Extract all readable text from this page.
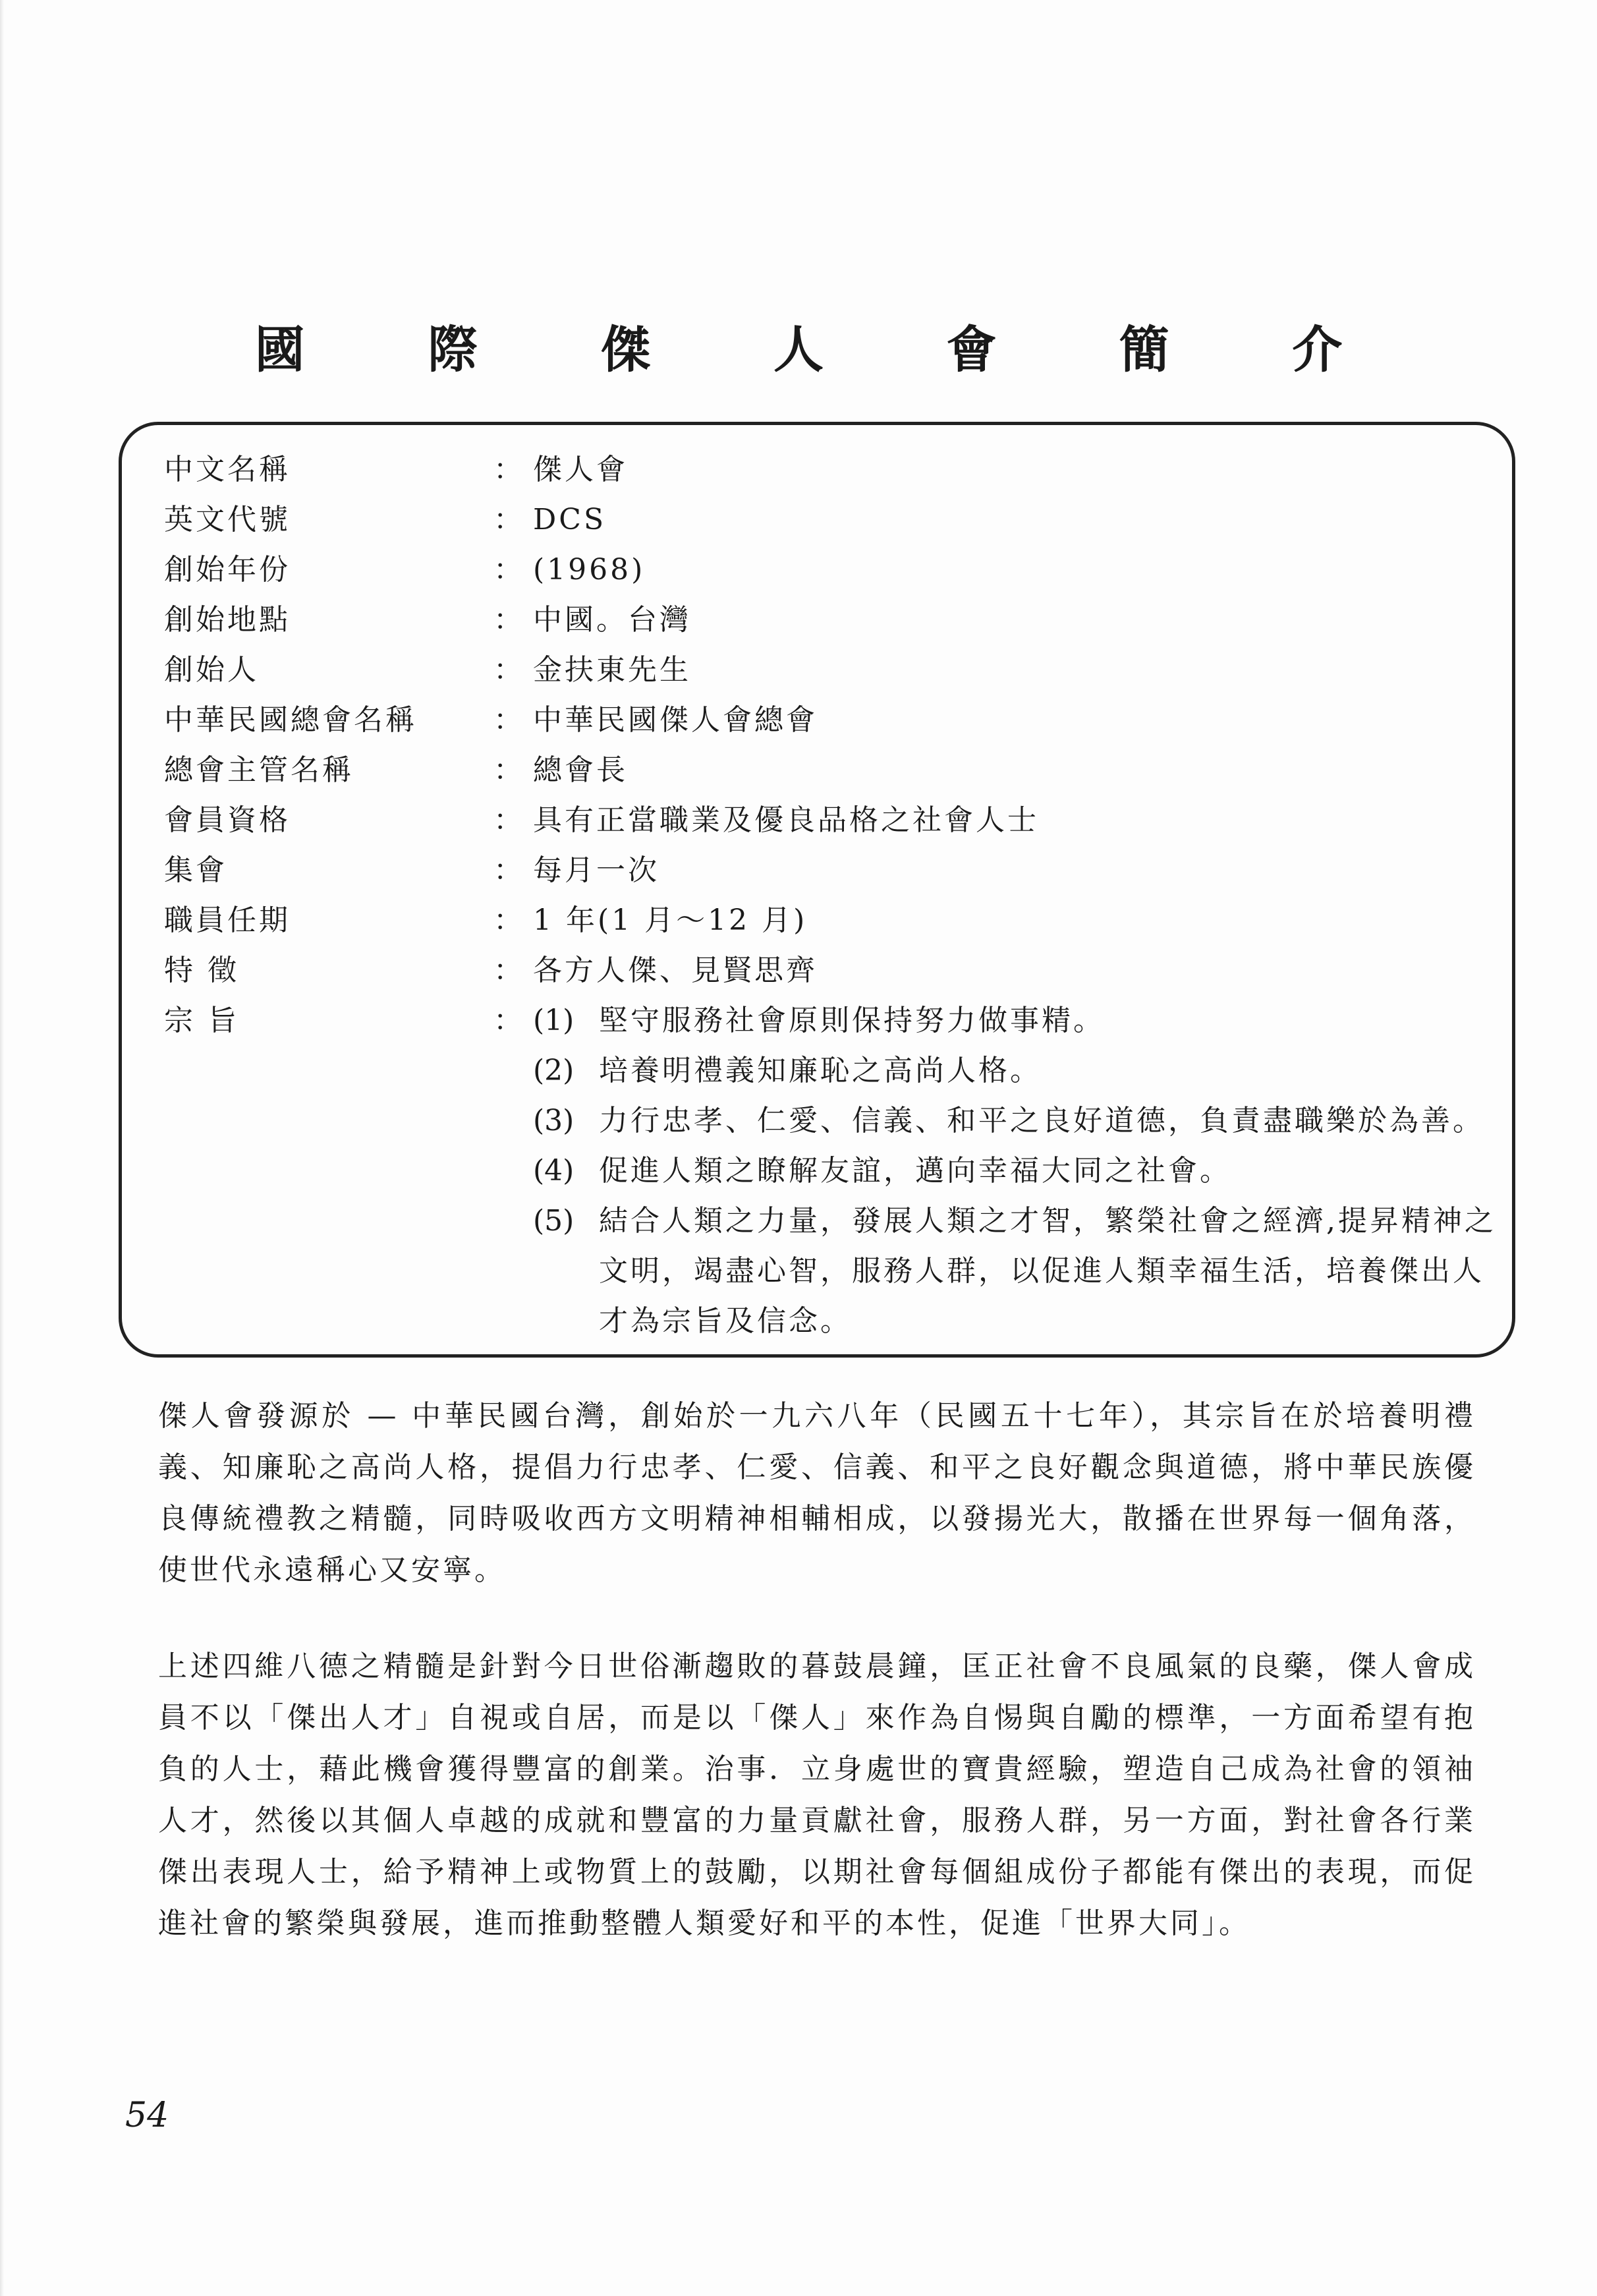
國 際 傑 人 會 簡 介
中文名稱	： 傑人會
英文代號	： DCS
創始年份	： (1968)
創始地點	： 中國。台灣
創始人	： 金扶東先生
中華民國總會名稱	： 中華民國傑人會總會
總會主管名稱	： 總會長
會員資格	： 具有正當職業及優良品格之社會人士
集會	： 每月一次
職員任期	： 1 年(1 月～12 月)
特 徵	： 各方人傑、見賢思齊
宗 旨	： (1) 堅守服務社會原則保持努力做事精。
(2) 培養明禮義知廉恥之高尚人格。
(3) 力行忠孝、仁愛、信義、和平之良好道德，負責盡職樂於為善。
(4) 促進人類之瞭解友誼，邁向幸福大同之社會。
(5) 結合人類之力量，發展人類之才智，繁榮社會之經濟,提昇精神之文明，竭盡心智，服務人群，以促進人類幸福生活，培養傑出人才為宗旨及信念。
傑人會發源於 — 中華民國台灣，創始於一九六八年（民國五十七年），其宗旨在於培養明禮義、知廉恥之高尚人格，提倡力行忠孝、仁愛、信義、和平之良好觀念與道德，將中華民族優良傳統禮教之精髓，同時吸收西方文明精神相輔相成，以發揚光大，散播在世界每一個角落，使世代永遠稱心又安寧。
上述四維八德之精髓是針對今日世俗漸趨敗的暮鼓晨鐘，匡正社會不良風氣的良藥，傑人會成員不以「傑出人才」自視或自居，而是以「傑人」來作為自惕與自勵的標準，一方面希望有抱負的人士，藉此機會獲得豐富的創業。治事．立身處世的寶貴經驗，塑造自己成為社會的領袖人才，然後以其個人卓越的成就和豐富的力量貢獻社會，服務人群，另一方面，對社會各行業傑出表現人士，給予精神上或物質上的鼓勵，以期社會每個組成份子都能有傑出的表現，而促進社會的繁榮與發展，進而推動整體人類愛好和平的本性，促進「世界大同」。
54
